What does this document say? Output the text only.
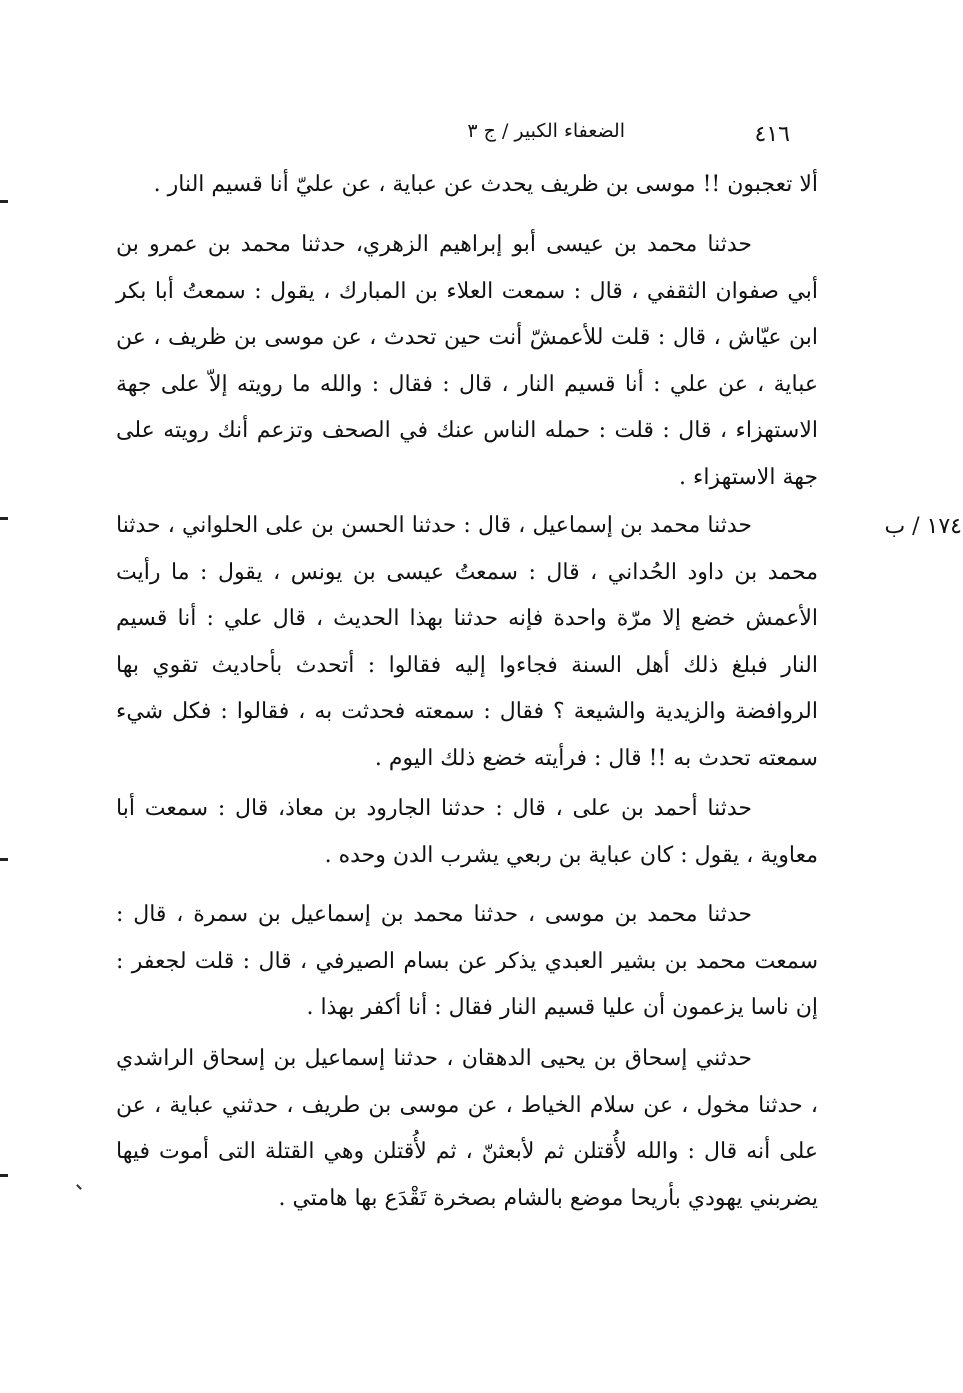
الضعفاء الكبير / ج ٣	٤١٦
١٧٤ / ب

ألا تعجبون !! موسى بن ظريف يحدث عن عباية ، عن عليّ أنا قسيم النار .

حدثنا محمد بن عيسى أبو إبراهيم الزهري، حدثنا محمد بن عمرو بن أبي صفوان الثقفي ، قال : سمعت العلاء بن المبارك ، يقول : سمعتُ أبا بكر ابن عيّاش ، قال : قلت للأعمشّ أنت حين تحدث ، عن موسى بن ظريف ، عن عباية ، عن علي : أنا قسيم النار ، قال : فقال : والله ما رويته إلاّ على جهة الاستهزاء ، قال : قلت : حمله الناس عنك في الصحف وتزعم أنك رويته على جهة الاستهزاء .

حدثنا محمد بن إسماعيل ، قال : حدثنا الحسن بن على الحلواني ، حدثنا محمد بن داود الحُداني ، قال : سمعتُ عيسى بن يونس ، يقول : ما رأيت الأعمش خضع إلا مرّة واحدة فإنه حدثنا بهذا الحديث ، قال علي : أنا قسيم النار فبلغ ذلك أهل السنة فجاءوا إليه فقالوا : أتحدث بأحاديث تقوي بها الروافضة والزيدية والشيعة ؟ فقال : سمعته فحدثت به ، فقالوا : فكل شيء سمعته تحدث به !! قال : فرأيته خضع ذلك اليوم .

حدثنا أحمد بن على ، قال : حدثنا الجارود بن معاذ، قال : سمعت أبا معاوية ، يقول : كان عباية بن ربعي يشرب الدن وحده .

حدثنا محمد بن موسى ، حدثنا محمد بن إسماعيل بن سمرة ، قال : سمعت محمد بن بشير العبدي يذكر عن بسام الصيرفي ، قال : قلت لجعفر : إن ناسا يزعمون أن عليا قسيم النار فقال : أنا أكفر بهذا .

حدثني إسحاق بن يحيى الدهقان ، حدثنا إسماعيل بن إسحاق الراشدي ، حدثنا مخول ، عن سلام الخياط ، عن موسى بن طريف ، حدثني عباية ، عن على أنه قال : والله لأُقتلن ثم لأبعثنّ ، ثم لأُقتلن وهي القتلة التى أموت فيها يضربني يهودي بأريحا موضع بالشام بصخرة تَقْدَع بها هامتي .
